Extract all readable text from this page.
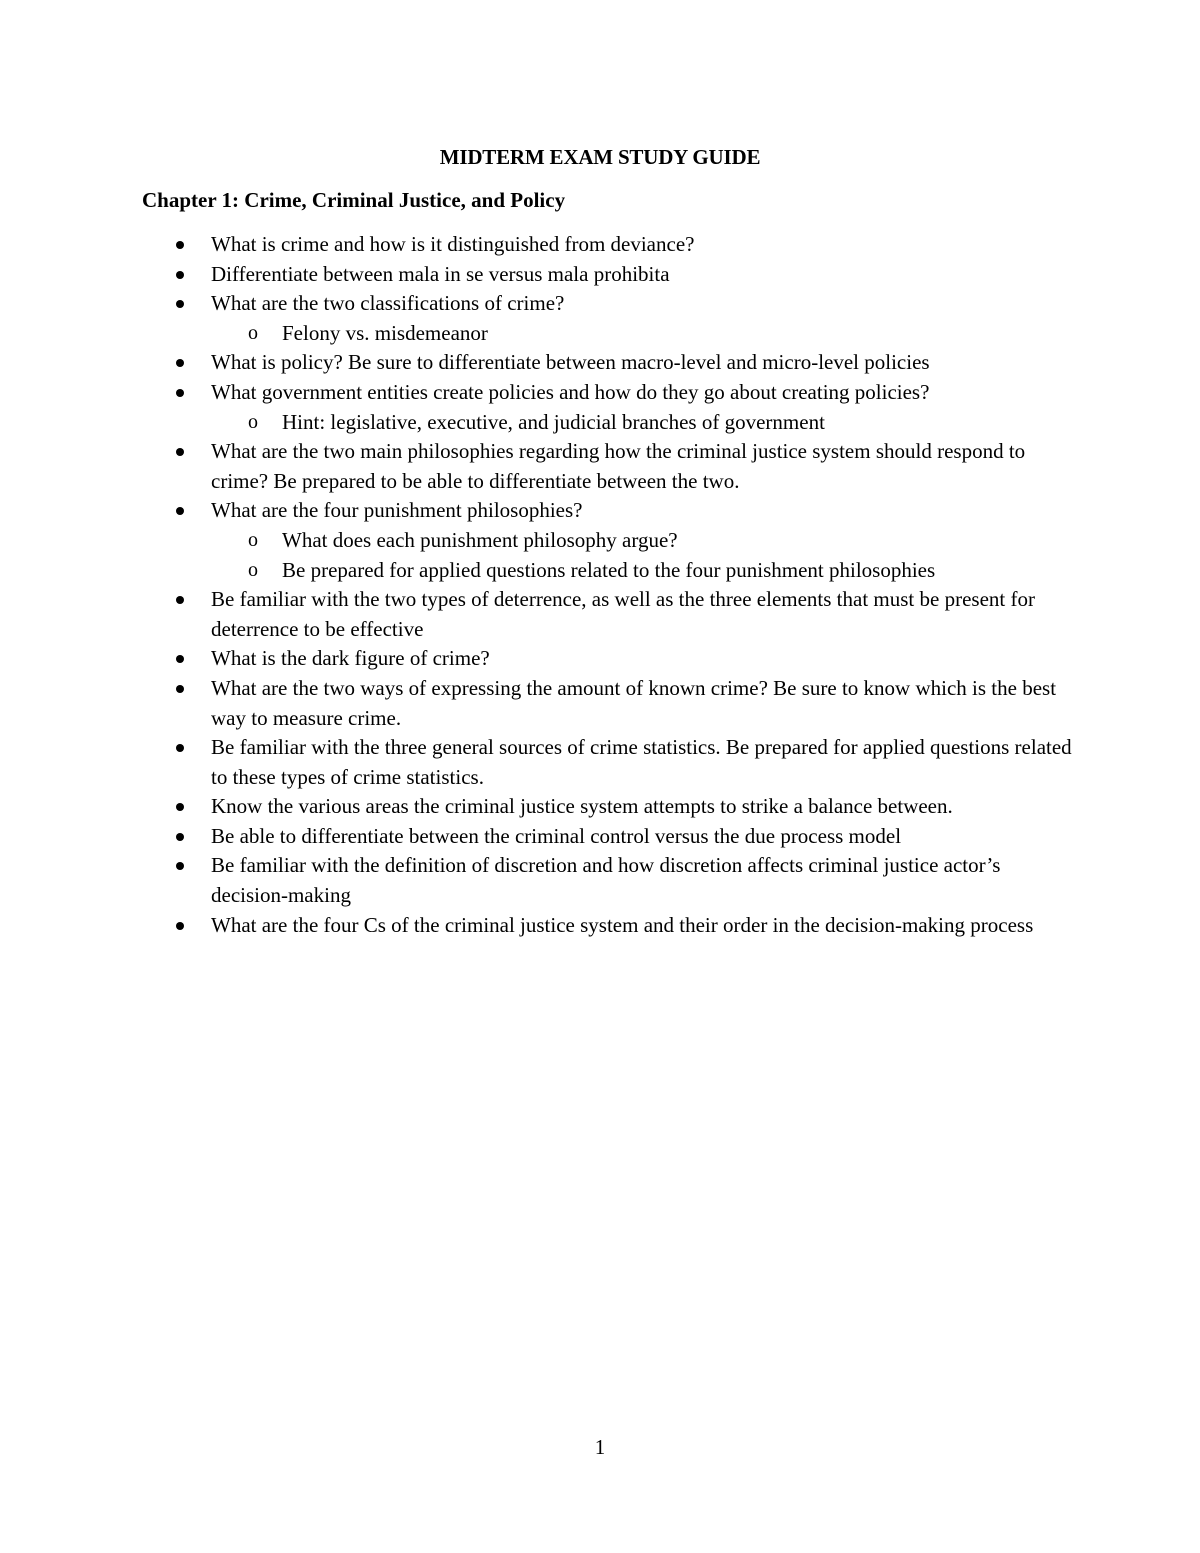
MIDTERM EXAM STUDY GUIDE
Chapter 1: Crime, Criminal Justice, and Policy
What is crime and how is it distinguished from deviance?
Differentiate between mala in se versus mala prohibita
What are the two classifications of crime?
o Felony vs. misdemeanor
What is policy? Be sure to differentiate between macro-level and micro-level policies
What government entities create policies and how do they go about creating policies?
o Hint: legislative, executive, and judicial branches of government
What are the two main philosophies regarding how the criminal justice system should respond to crime? Be prepared to be able to differentiate between the two.
What are the four punishment philosophies?
o What does each punishment philosophy argue?
o Be prepared for applied questions related to the four punishment philosophies
Be familiar with the two types of deterrence, as well as the three elements that must be present for deterrence to be effective
What is the dark figure of crime?
What are the two ways of expressing the amount of known crime? Be sure to know which is the best way to measure crime.
Be familiar with the three general sources of crime statistics. Be prepared for applied questions related to these types of crime statistics.
Know the various areas the criminal justice system attempts to strike a balance between.
Be able to differentiate between the criminal control versus the due process model
Be familiar with the definition of discretion and how discretion affects criminal justice actor’s decision-making
What are the four Cs of the criminal justice system and their order in the decision-making process
1
